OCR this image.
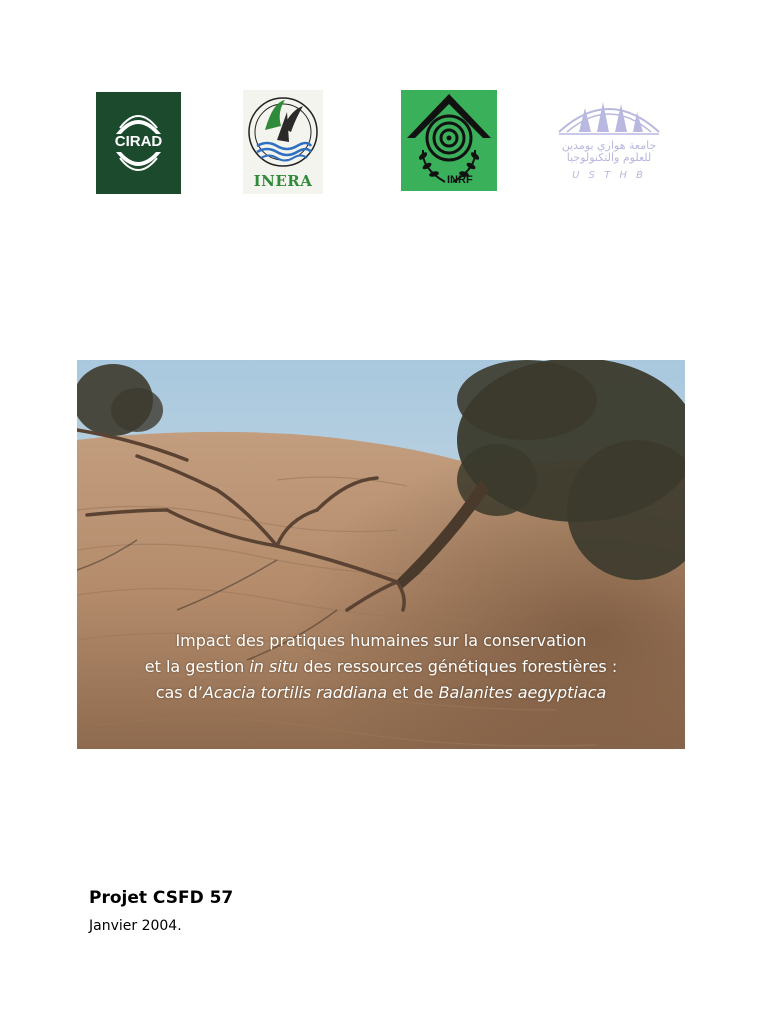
CIRAD
INERA	INRF
جامعة هواري بومدين للعلوم والتكنولوجيا
U S T H B
Impact des pratiques humaines sur la conservation
et la gestion in situ des ressources génétiques forestières :
cas d’Acacia tortilis raddiana et de Balanites aegyptiaca
Projet CSFD 57
Janvier 2004.
